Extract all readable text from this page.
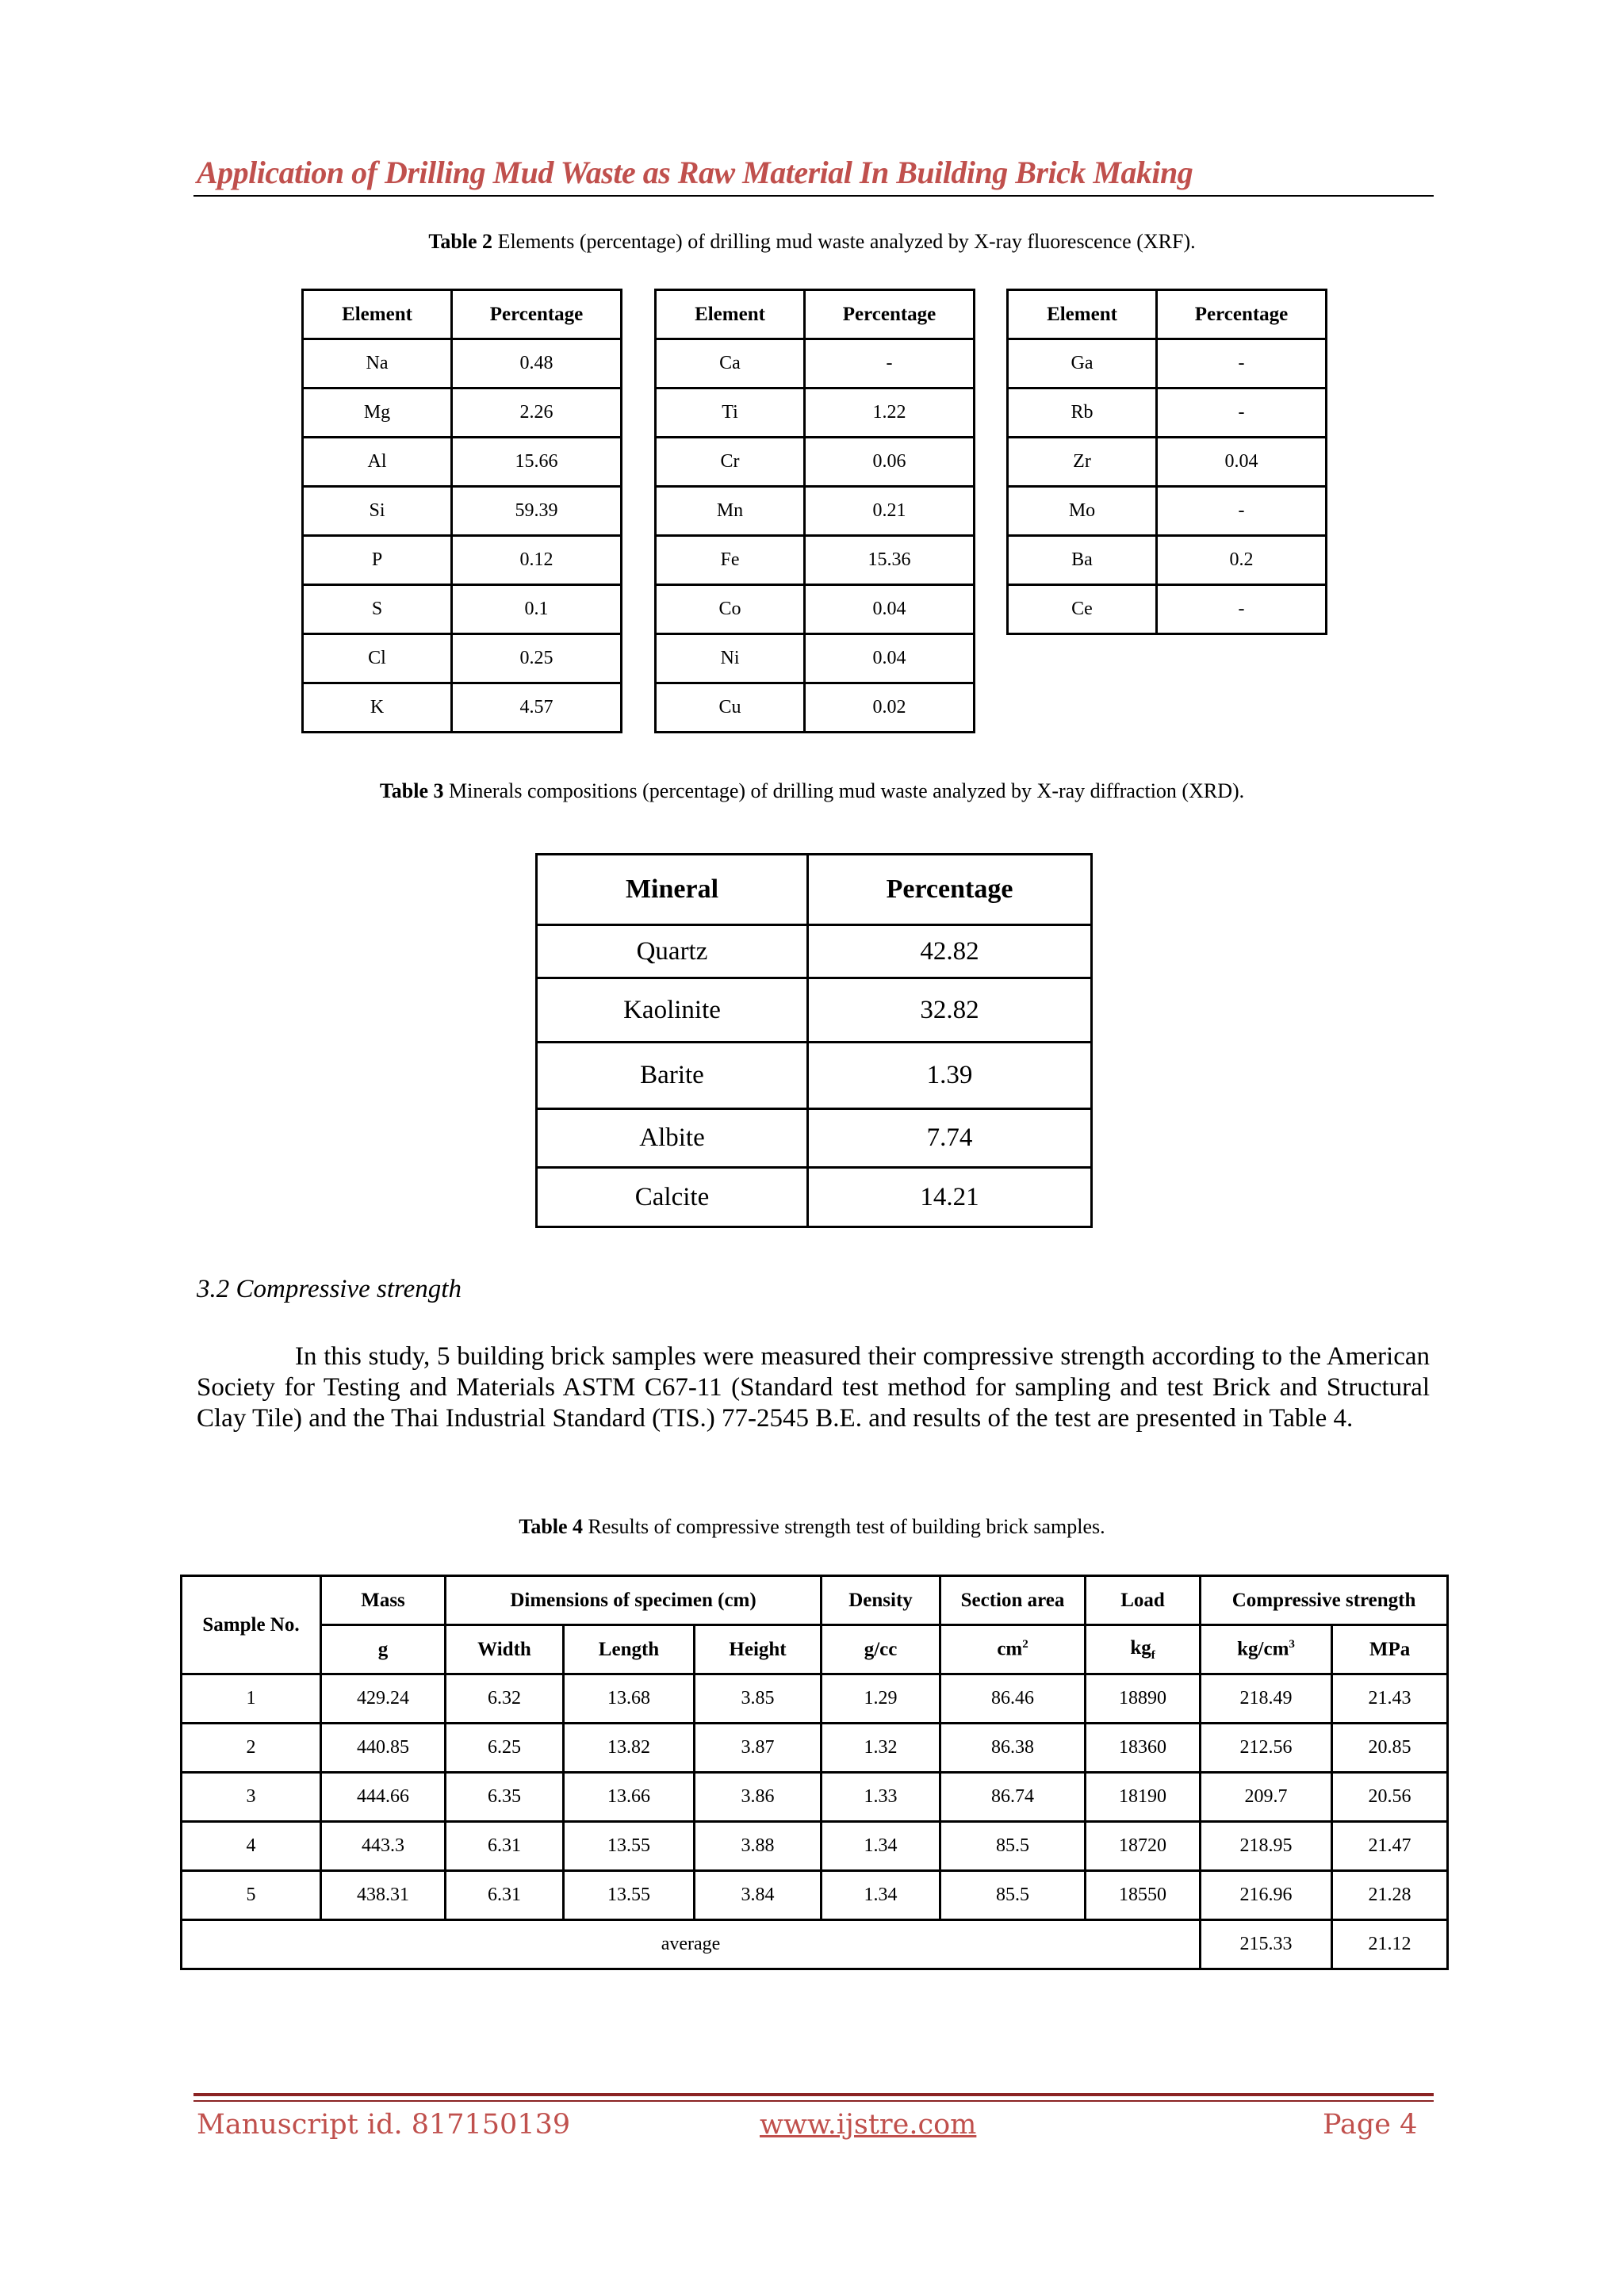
Application of Drilling Mud Waste as Raw Material In Building Brick Making
Table 2 Elements (percentage) of drilling mud waste analyzed by X-ray fluorescence (XRF).
Element	Percentage
Na	0.48
Mg	2.26
Al	15.66
Si	59.39
P	0.12
S	0.1
Cl	0.25
K	4.57
Element	Percentage
Ca	-
Ti	1.22
Cr	0.06
Mn	0.21
Fe	15.36
Co	0.04
Ni	0.04
Cu	0.02
Element	Percentage
Ga	-
Rb	-
Zr	0.04
Mo	-
Ba	0.2
Ce	-
Table 3 Minerals compositions (percentage) of drilling mud waste analyzed by X-ray diffraction (XRD).
Mineral	Percentage
Quartz	42.82
Kaolinite	32.82
Barite	1.39
Albite	7.74
Calcite	14.21
3.2 Compressive strength
In this study, 5 building brick samples were measured their compressive strength according to the American Society for Testing and Materials ASTM C67-11 (Standard test method for sampling and test Brick and Structural Clay Tile) and the Thai Industrial Standard (TIS.) 77-2545 B.E. and results of the test are presented in Table 4.
Table 4 Results of compressive strength test of building brick samples.
Sample No.	Mass	Dimensions of specimen (cm)			Density	Section area	Load	Compressive strength	
	g	Width	Length	Height	g/cc	$cm^2$	$kg_f$	$kg/cm^3$	MPa
1	429.24	6.32	13.68	3.85	1.29	86.46	18890	218.49	21.43
2	440.85	6.25	13.82	3.87	1.32	86.38	18360	212.56	20.85
3	444.66	6.35	13.66	3.86	1.33	86.74	18190	209.7	20.56
4	443.3	6.31	13.55	3.88	1.34	85.5	18720	218.95	21.47
5	438.31	6.31	13.55	3.84	1.34	85.5	18550	216.96	21.28
average								215.33	21.12
Manuscript id. 817150139	www.ijstre.com	Page 4
